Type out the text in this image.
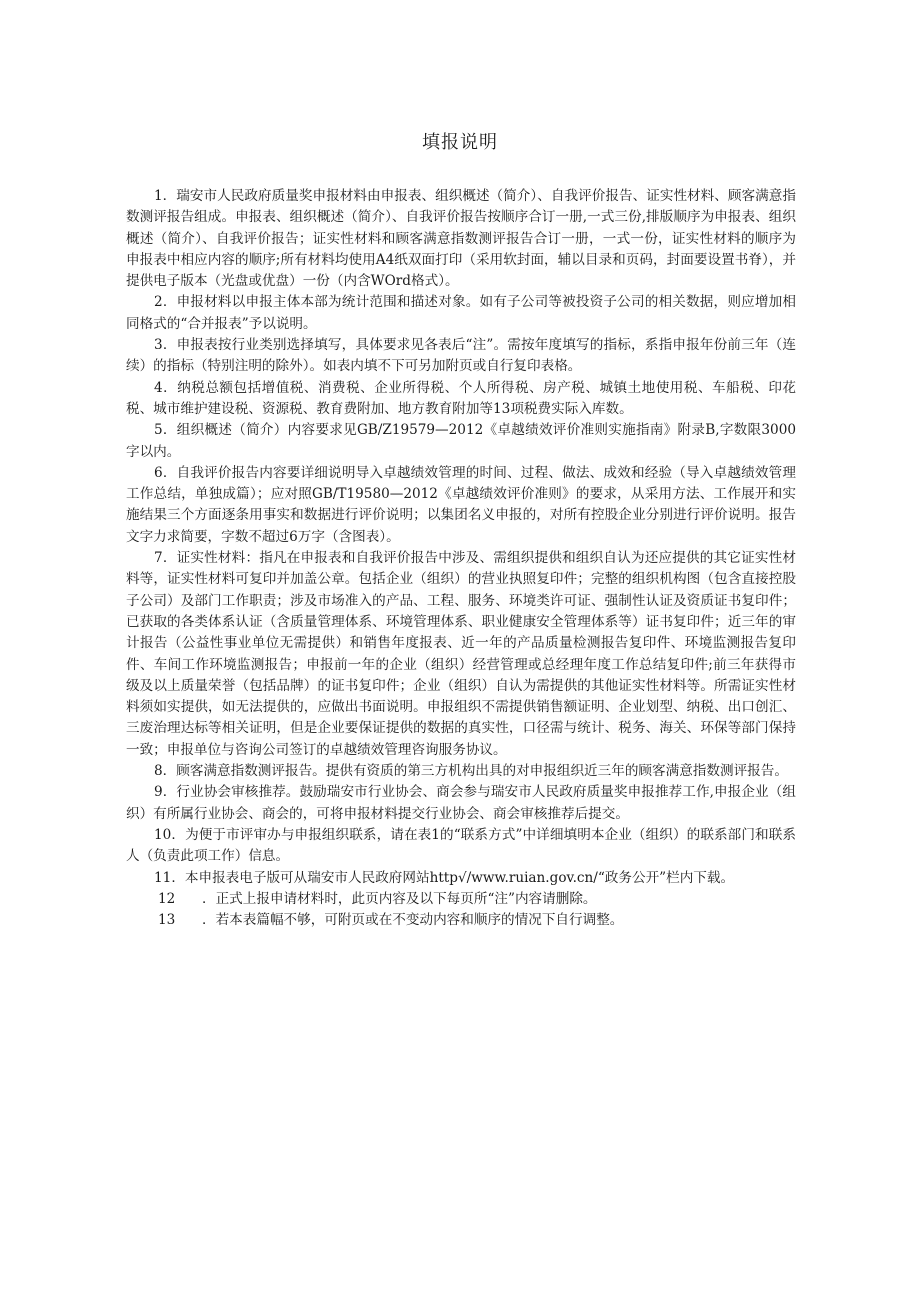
填报说明

1．瑞安市人民政府质量奖申报材料由申报表、组织概述（简介）、自我评价报告、证实性材料、顾客满意指数测评报告组成。申报表、组织概述（简介）、自我评价报告按顺序合订一册,一式三份,排版顺序为申报表、组织概述（简介）、自我评价报告；证实性材料和顾客满意指数测评报告合订一册，一式一份，证实性材料的顺序为申报表中相应内容的顺序;所有材料均使用A4纸双面打印（采用软封面，辅以目录和页码，封面要设置书脊），并提供电子版本（光盘或优盘）一份（内含WOrd格式）。

2．申报材料以申报主体本部为统计范围和描述对象。如有子公司等被投资子公司的相关数据，则应增加相同格式的“合并报表”予以说明。

3．申报表按行业类别选择填写，具体要求见各表后“注”。需按年度填写的指标，系指申报年份前三年（连续）的指标（特别注明的除外）。如表内填不下可另加附页或自行复印表格。

4．纳税总额包括增值税、消费税、企业所得税、个人所得税、房产税、城镇土地使用税、车船税、印花税、城市维护建设税、资源税、教育费附加、地方教育附加等13项税费实际入库数。

5．组织概述（简介）内容要求见GB/Z19579—2012《卓越绩效评价准则实施指南》附录B,字数限3000字以内。

6．自我评价报告内容要详细说明导入卓越绩效管理的时间、过程、做法、成效和经验（导入卓越绩效管理工作总结，单独成篇）；应对照GB/T19580—2012《卓越绩效评价准则》的要求，从采用方法、工作展开和实施结果三个方面逐条用事实和数据进行评价说明；以集团名义申报的，对所有控股企业分别进行评价说明。报告文字力求简要，字数不超过6万字（含图表）。

7．证实性材料：指凡在申报表和自我评价报告中涉及、需组织提供和组织自认为还应提供的其它证实性材料等，证实性材料可复印并加盖公章。包括企业（组织）的营业执照复印件；完整的组织机构图（包含直接控股子公司）及部门工作职责；涉及市场准入的产品、工程、服务、环境类许可证、强制性认证及资质证书复印件；已获取的各类体系认证（含质量管理体系、环境管理体系、职业健康安全管理体系等）证书复印件；近三年的审计报告（公益性事业单位无需提供）和销售年度报表、近一年的产品质量检测报告复印件、环境监测报告复印件、车间工作环境监测报告；申报前一年的企业（组织）经营管理或总经理年度工作总结复印件;前三年获得市级及以上质量荣誉（包括品牌）的证书复印件；企业（组织）自认为需提供的其他证实性材料等。所需证实性材料须如实提供，如无法提供的，应做出书面说明。申报组织不需提供销售额证明、企业划型、纳税、出口创汇、三废治理达标等相关证明，但是企业要保证提供的数据的真实性，口径需与统计、税务、海关、环保等部门保持一致；申报单位与咨询公司签订的卓越绩效管理咨询服务协议。

8．顾客满意指数测评报告。提供有资质的第三方机构出具的对申报组织近三年的顾客满意指数测评报告。

9．行业协会审核推荐。鼓励瑞安市行业协会、商会参与瑞安市人民政府质量奖申报推荐工作,申报企业（组织）有所属行业协会、商会的，可将申报材料提交行业协会、商会审核推荐后提交。

10．为便于市评审办与申报组织联系，请在表1的“联系方式”中详细填明本企业（组织）的联系部门和联系人（负责此项工作）信息。

11．本申报表电子版可从瑞安市人民政府网站http√/www.ruian.gov.cn/“政务公开”栏内下载。

12 ．正式上报申请材料时，此页内容及以下每页所“注”内容请删除。

13 ．若本表篇幅不够，可附页或在不变动内容和顺序的情况下自行调整。
